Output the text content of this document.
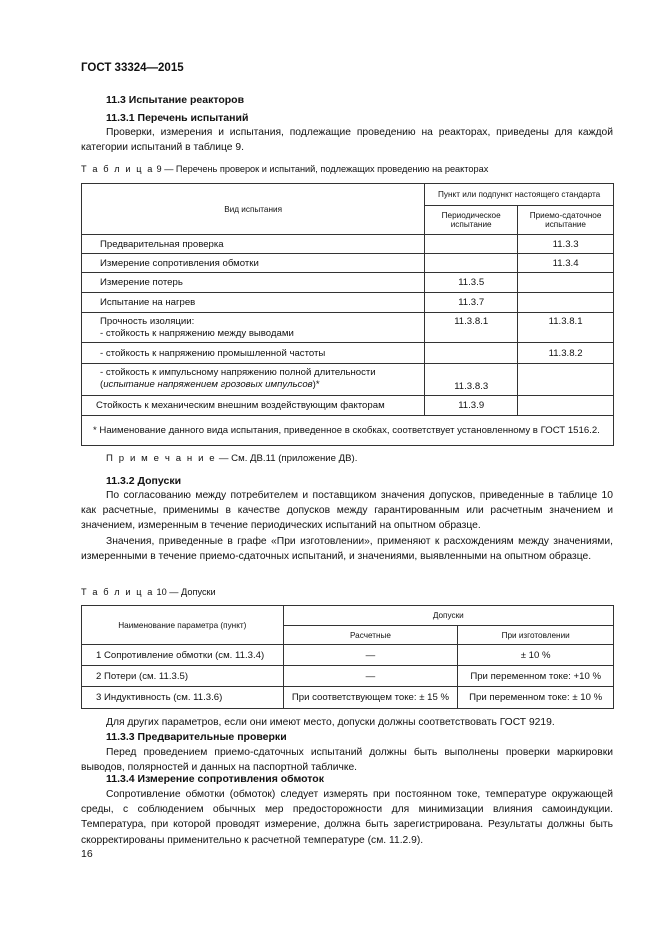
ГОСТ 33324—2015
11.3 Испытание реакторов
11.3.1 Перечень испытаний
Проверки, измерения и испытания, подлежащие проведению на реакторах, приведены для каждой категории испытаний в таблице 9.
Т а б л и ц а 9 — Перечень проверок и испытаний, подлежащих проведению на реакторах
Вид испытания	Пункт или подпункт настоящего стандарта	
	Периодическое испытание	Приемо-сдаточное испытание
Предварительная проверка		11.3.3
Измерение сопротивления обмотки		11.3.4
Измерение потерь	11.3.5	
Испытание на нагрев	11.3.7	

Прочность изоляции:
- стойкость к напряжению между выводами	11.3.8.1	11.3.8.1
- стойкость к напряжению промышленной частоты		11.3.8.2
- стойкость к импульсному напряжению полной длительности (испытание напряжением грозовых импульсов)*	11.3.8.3	
Стойкость к механическим внешним воздействующим факторам	11.3.9	
* Наименование данного вида испытания, приведенное в скобках, соответствует установленному в ГОСТ 1516.2.		
П р и м е ч а н и е — См. ДВ.11 (приложение ДВ).
11.3.2 Допуски
По согласованию между потребителем и поставщиком значения допусков, приведенные в таблице 10 как расчетные, применимы в качестве допусков между гарантированным или расчетным значением и значением, измеренным в течение периодических испытаний на опытном образце.
Значения, приведенные в графе «При изготовлении», применяют к расхождениям между значениями, измеренными в течение приемо-сдаточных испытаний, и значениями, выявленными на опытном образце.
Т а б л и ц а 10 — Допуски
Наименование параметра (пункт)	Допуски	
	Расчетные	При изготовлении
1 Сопротивление обмотки (см. 11.3.4)	—	± 10 %
2 Потери (см. 11.3.5)	—	При переменном токе: +10 %
3 Индуктивность (см. 11.3.6)	При соответствующем токе: ± 15 %	При переменном токе: ± 10 %
Для других параметров, если они имеют место, допуски должны соответствовать ГОСТ 9219.
11.3.3 Предварительные проверки
Перед проведением приемо-сдаточных испытаний должны быть выполнены проверки маркировки выводов, полярностей и данных на паспортной табличке.
11.3.4 Измерение сопротивления обмоток
Сопротивление обмотки (обмоток) следует измерять при постоянном токе, температуре окружающей среды, с соблюдением обычных мер предосторожности для минимизации влияния самоиндукции. Температура, при которой проводят измерение, должна быть зарегистрирована. Результаты должны быть скорректированы применительно к расчетной температуре (см. 11.2.9).
16
